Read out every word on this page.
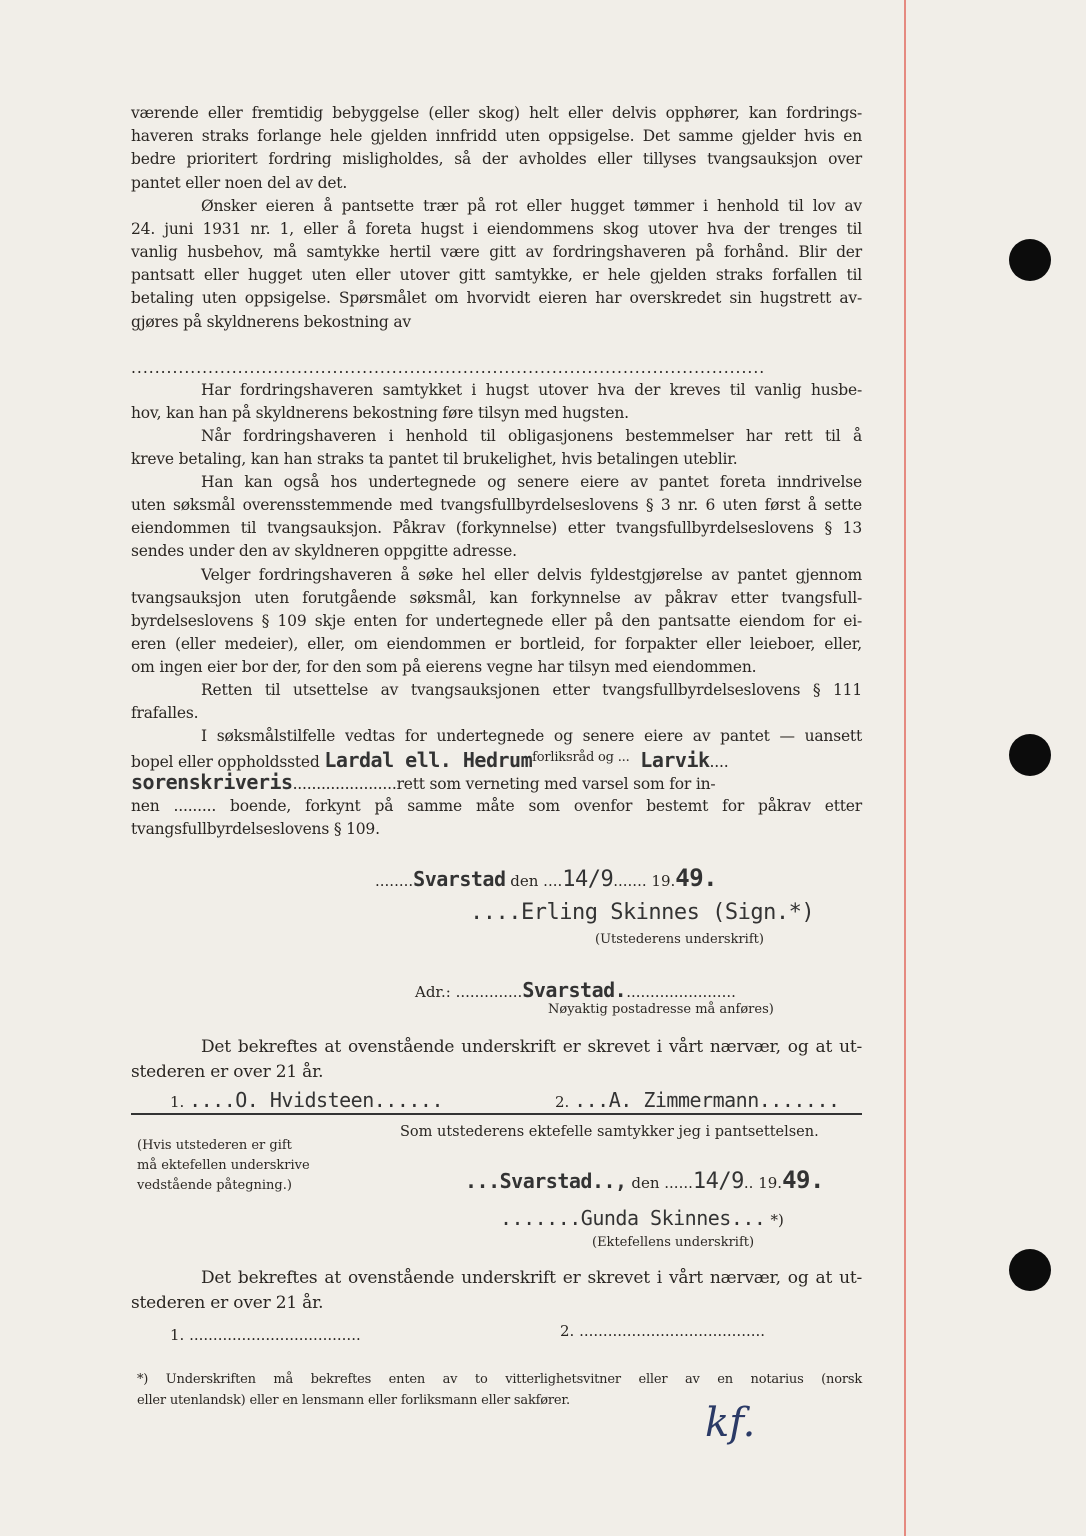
værende eller fremtidig bebyggelse (eller skog) helt eller delvis opphører, kan fordrings-
haveren straks forlange hele gjelden innfridd uten oppsigelse. Det samme gjelder hvis en
bedre prioritert fordring misligholdes, så der avholdes eller tillyses tvangsauksjon over
pantet eller noen del av det.
Ønsker eieren å pantsette trær på rot eller hugget tømmer i henhold til lov av
24. juni 1931 nr. 1, eller å foreta hugst i eiendommens skog utover hva der trenges til
vanlig husbehov, må samtykke hertil være gitt av fordringshaveren på forhånd. Blir der
pantsatt eller hugget uten eller utover gitt samtykke, er hele gjelden straks forfallen til
betaling uten oppsigelse. Spørsmålet om hvorvidt eieren har overskredet sin hugstrett av-
gjøres på skyldnerens bekostning av
...........................................................................................................
Har fordringshaveren samtykket i hugst utover hva der kreves til vanlig husbe-
hov, kan han på skyldnerens bekostning føre tilsyn med hugsten.
Når fordringshaveren i henhold til obligasjonens bestemmelser har rett til å
kreve betaling, kan han straks ta pantet til brukelighet, hvis betalingen uteblir.
Han kan også hos undertegnede og senere eiere av pantet foreta inndrivelse
uten søksmål overensstemmende med tvangsfullbyrdelseslovens § 3 nr. 6 uten først å sette
eiendommen til tvangsauksjon. Påkrav (forkynnelse) etter tvangsfullbyrdelseslovens § 13
sendes under den av skyldneren oppgitte adresse.
Velger fordringshaveren å søke hel eller delvis fyldestgjørelse av pantet gjennom
tvangsauksjon uten forutgående søksmål, kan forkynnelse av påkrav etter tvangsfull-
byrdelseslovens § 109 skje enten for undertegnede eller på den pantsatte eiendom for ei-
eren (eller medeier), eller, om eiendommen er bortleid, for forpakter eller leieboer, eller,
om ingen eier bor der, for den som på eierens vegne har tilsyn med eiendommen.
Retten til utsettelse av tvangsauksjonen etter tvangsfullbyrdelseslovens § 111
frafalles.
I søksmålstilfelle vedtas for undertegnede og senere eiere av pantet — uansett
bopel eller oppholdssted Lardal ell. Hedrum$^{forliksråd og ...}$ Larvik....
sorenskriveris......................rett som verneting med varsel som for in-
nen ......... boende, forkynt på samme måte som ovenfor bestemt for påkrav etter
tvangsfullbyrdelseslovens § 109.
........Svarstad den ....14/9....... 19.49.
....Erling Skinnes (Sign.*)
(Utstederens underskrift)
Adr.: ..............Svarstad........................
Nøyaktig postadresse må anføres)
Det bekreftes at ovenstående underskrift er skrevet i vårt nærvær, og at ut-
stederen er over 21 år.
1. ....O. Hvidsteen......	2. ...A. Zimmermann.......
Som utstederens ektefelle samtykker jeg i pantsettelsen.
(Hvis utstederen er gift
må ektefellen underskrive
vedstående påtegning.)	...Svarstad.., den ......14/9.. 19.49.
.......Gunda Skinnes... *)
(Ektefellens underskrift)
Det bekreftes at ovenstående underskrift er skrevet i vårt nærvær, og at ut-
stederen er over 21 år.
1. ....................................	2. .......................................
*) Underskriften må bekreftes enten av to vitterlighetsvitner eller av en notarius (norsk
eller utenlandsk) eller en lensmann eller forliksmann eller sakfører.	kf.
